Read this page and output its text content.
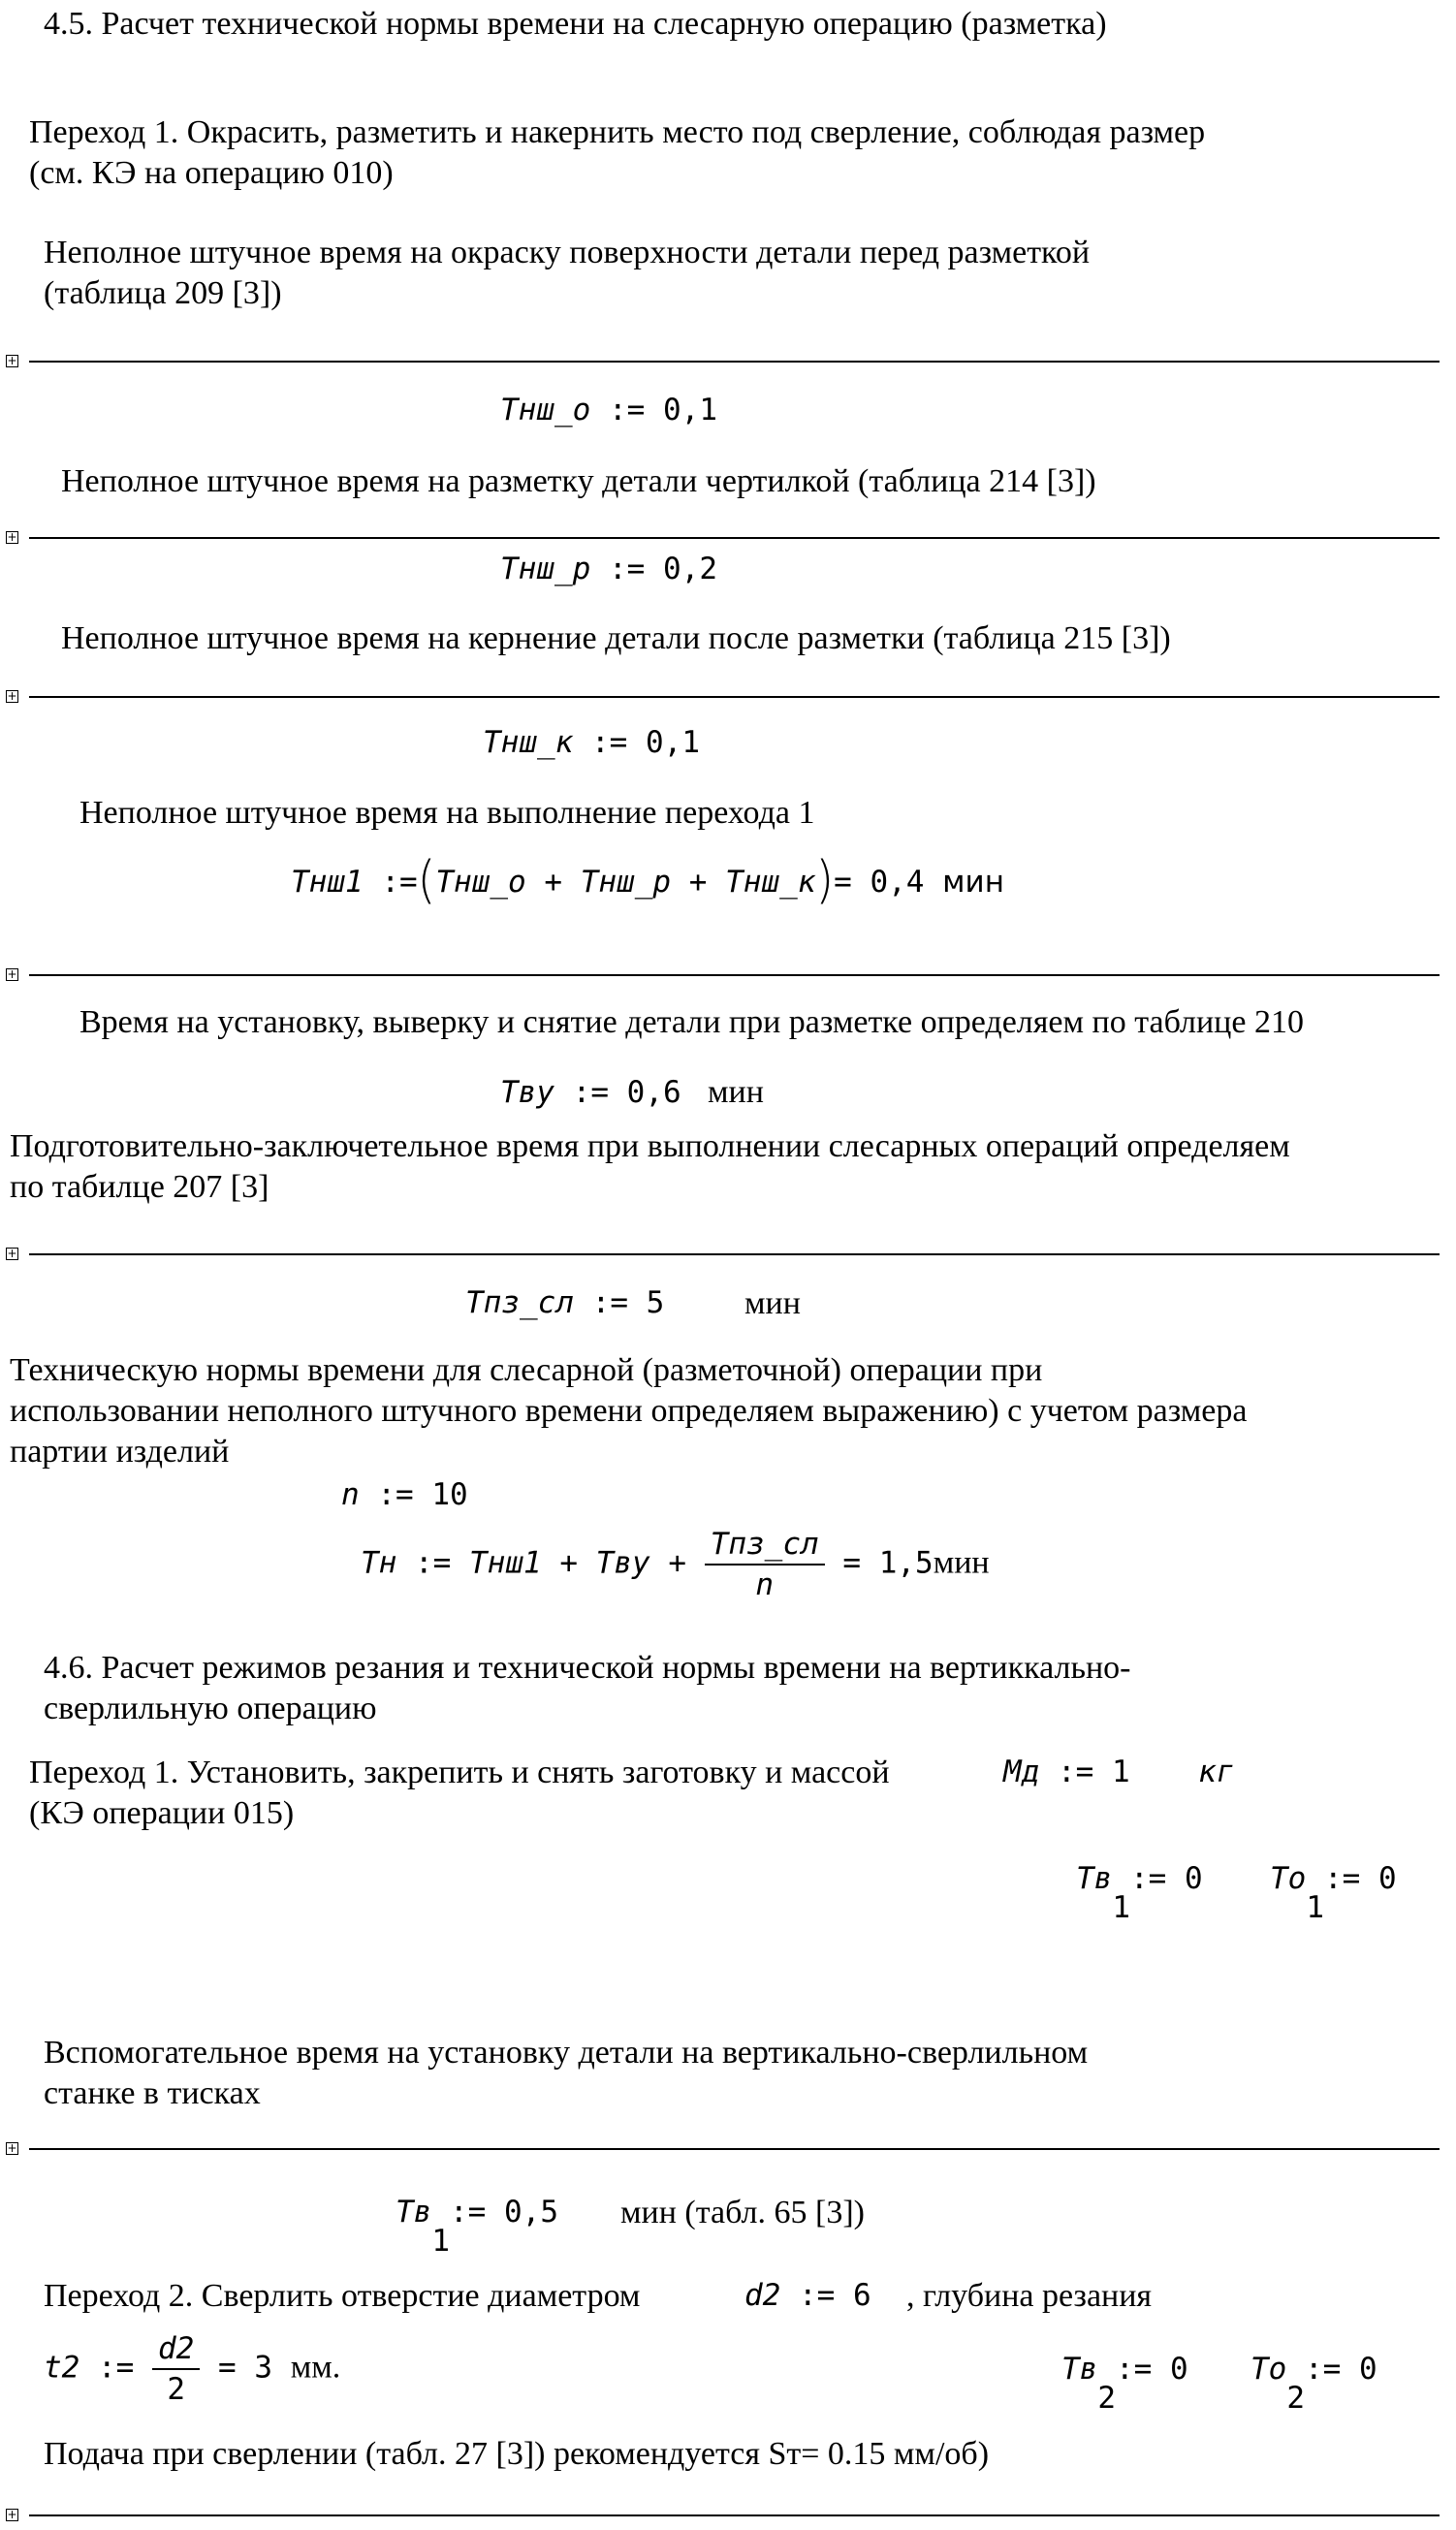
4.5. Расчет технической нормы времени на слесарную операцию (разметка)
Переход 1. Окрасить, разметить и накернить место под сверление, соблюдая размер
(см. КЭ на операцию 010)
Неполное штучное время на окраску поверхности детали перед разметкой
(таблица 209 [3])
+
Тнш_o  :=  0,1
Неполное штучное время на разметку детали чертилкой (таблица 214 [3])
+
Тнш_р  :=  0,2
Неполное штучное время на кернение детали после разметки (таблица 215 [3])
+
Тнш_к  :=  0,1
Неполное штучное время на выполнение перехода 1
Тнш1  :=(Тнш_o + Тнш_р + Тнш_к)=  0,4  мин
+
Время на установку, выверку и снятие детали при разметке определяем по таблице 210
Твy  :=  0,6 мин
Подготовительно-заключетельное время при выполнении слесарных операций определяем
по табилце 207 [3]
+
Тпз_сл  :=  5 мин
Техническую нормы времени для слесарной (разметочной) операции при
использовании неполного штучного времени определяем выражению) с учетом размера
партии изделий
n  :=  10
Тн  :=  Тнш1 + Твy + $\frac{\text{Тпз\_сл}}{n} = 1,5мин$
4.6. Расчет режимов резания и технической нормы времени на вертиккально-
сверлильную операцию
Переход 1. Установить, закрепить и снять заготовку и массой	Мд  :=  1 кг
(КЭ операции 015)
Тв1:=  0 То1:=  0
Вспомогательное время на установку детали на вертикально-сверлильном
станке в тисках
+
Тв1:=  0,5 мин (табл. 65 [3])
Переход 2. Сверлить отверстие диаметром	d2  :=  6 , глубина резания
t2  :=  $\frac{d2}{2}$
  =  3 мм.	Тв2:=  0 То2:=  0
Подача при сверлении (табл. 27 [3]) рекомендуется Sт= 0.15 мм/об)
+
